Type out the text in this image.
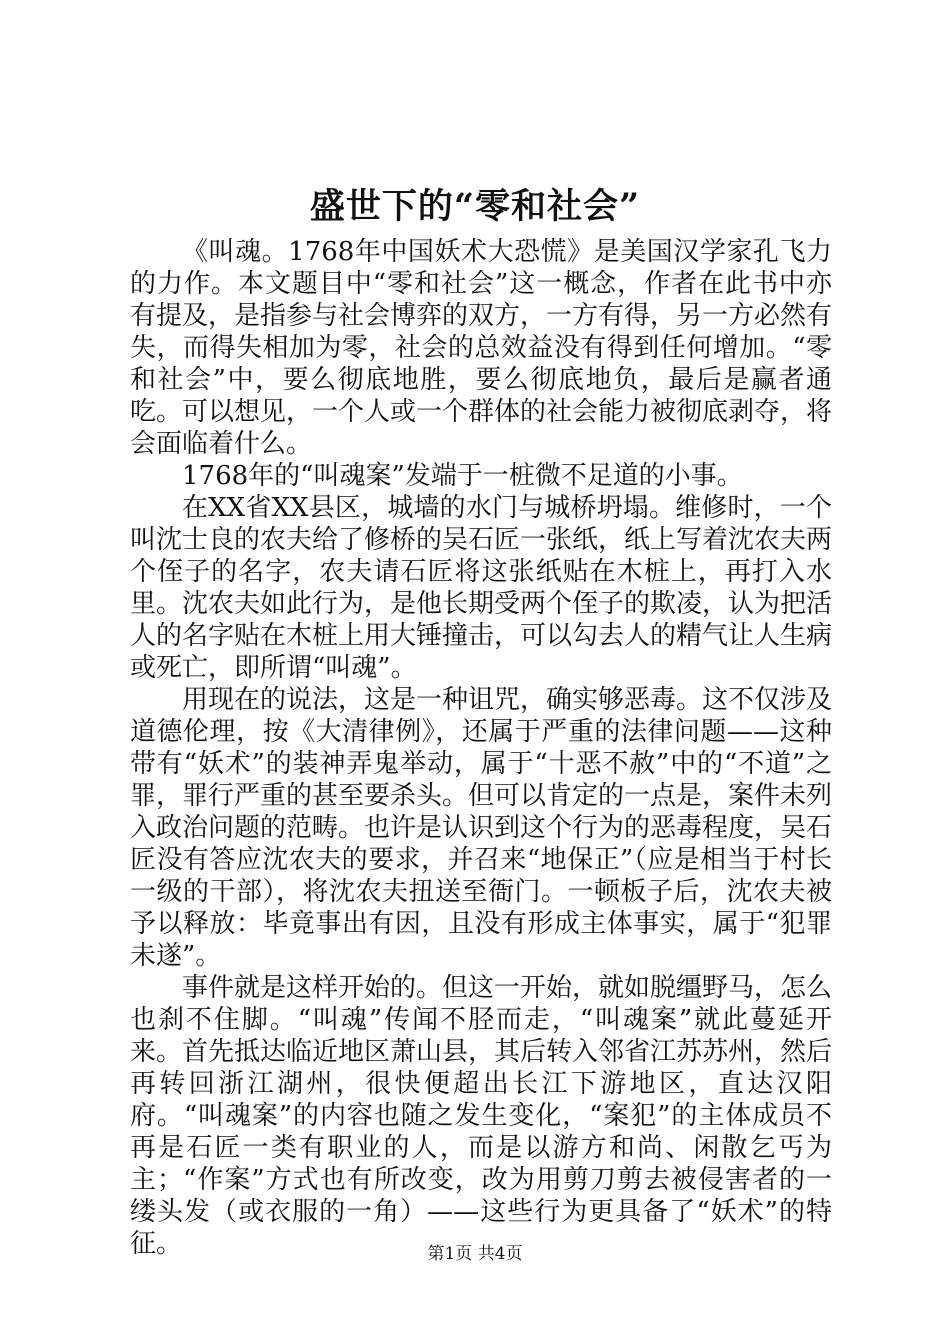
盛世下的“零和社会”

《叫魂。1768年中国妖术大恐慌》是美国汉学家孔飞力的力作。本文题目中“零和社会”这一概念，作者在此书中亦有提及，是指参与社会博弈的双方，一方有得，另一方必然有失，而得失相加为零，社会的总效益没有得到任何增加。“零和社会”中，要么彻底地胜，要么彻底地负，最后是赢者通吃。可以想见，一个人或一个群体的社会能力被彻底剥夺，将会面临着什么。

1768年的“叫魂案”发端于一桩微不足道的小事。

在XX省XX县区，城墙的水门与城桥坍塌。维修时，一个叫沈士良的农夫给了修桥的吴石匠一张纸，纸上写着沈农夫两个侄子的名字，农夫请石匠将这张纸贴在木桩上，再打入水里。沈农夫如此行为，是他长期受两个侄子的欺凌，认为把活人的名字贴在木桩上用大锤撞击，可以勾去人的精气让人生病或死亡，即所谓“叫魂”。

用现在的说法，这是一种诅咒，确实够恶毒。这不仅涉及道德伦理，按《大清律例》，还属于严重的法律问题——这种带有“妖术”的装神弄鬼举动，属于“十恶不赦”中的“不道”之罪，罪行严重的甚至要杀头。但可以肯定的一点是，案件未列入政治问题的范畴。也许是认识到这个行为的恶毒程度，吴石匠没有答应沈农夫的要求，并召来“地保正”（应是相当于村长一级的干部），将沈农夫扭送至衙门。一顿板子后，沈农夫被予以释放：毕竟事出有因，且没有形成主体事实，属于“犯罪未遂”。

事件就是这样开始的。但这一开始，就如脱缰野马，怎么也刹不住脚。“叫魂”传闻不胫而走，“叫魂案”就此蔓延开来。首先抵达临近地区萧山县，其后转入邻省江苏苏州，然后再转回浙江湖州，很快便超出长江下游地区，直达汉阳府。“叫魂案”的内容也随之发生变化，“案犯”的主体成员不再是石匠一类有职业的人，而是以游方和尚、闲散乞丐为主；“作案”方式也有所改变，改为用剪刀剪去被侵害者的一缕头发（或衣服的一角）——这些行为更具备了“妖术”的特征。	第1页 共4页
